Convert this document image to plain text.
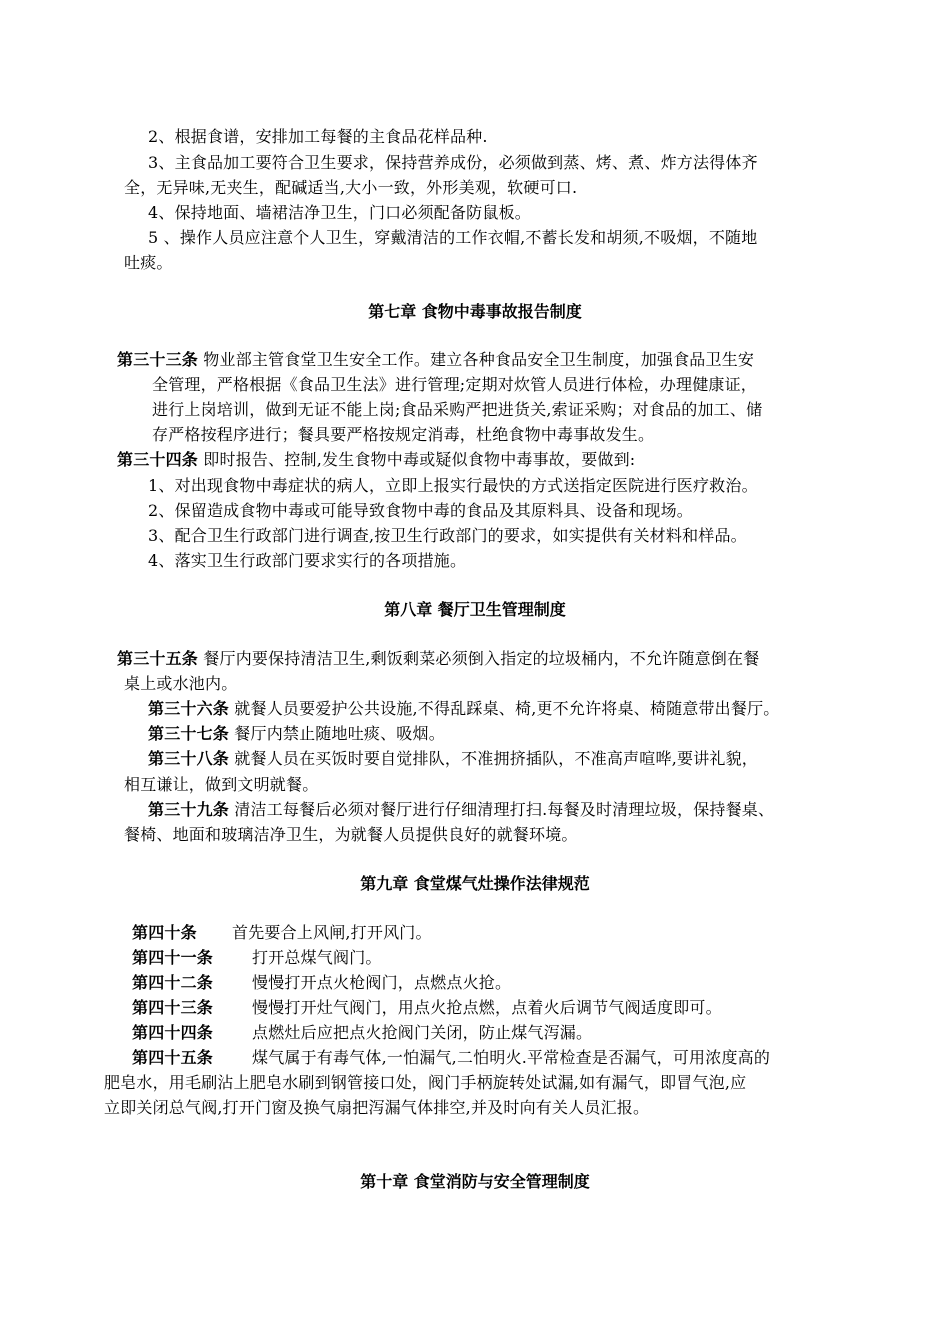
2、根据食谱，安排加工每餐的主食品花样品种.
3、主食品加工要符合卫生要求，保持营养成份，必须做到蒸、烤、煮、炸方法得体齐
全，无异味,无夹生，配碱适当,大小一致，外形美观，软硬可口.
4、保持地面、墙裙洁净卫生，门口必须配备防鼠板。
5 、操作人员应注意个人卫生，穿戴清洁的工作衣帽,不蓄长发和胡须,不吸烟，不随地
吐痰。
第七章 食物中毒事故报告制度
第三十三条 物业部主管食堂卫生安全工作。建立各种食品安全卫生制度，加强食品卫生安
全管理，严格根据《食品卫生法》进行管理;定期对炊管人员进行体检，办理健康证，
进行上岗培训，做到无证不能上岗;食品采购严把进货关,索证采购；对食品的加工、储
存严格按程序进行；餐具要严格按规定消毒，杜绝食物中毒事故发生。
第三十四条 即时报告、控制,发生食物中毒或疑似食物中毒事故，要做到:
1、对出现食物中毒症状的病人，立即上报实行最快的方式送指定医院进行医疗救治。
2、保留造成食物中毒或可能导致食物中毒的食品及其原料具、设备和现场。
3、配合卫生行政部门进行调查,按卫生行政部门的要求，如实提供有关材料和样品。
4、落实卫生行政部门要求实行的各项措施。
第八章 餐厅卫生管理制度
第三十五条 餐厅内要保持清洁卫生,剩饭剩菜必须倒入指定的垃圾桶内，不允许随意倒在餐
桌上或水池内。
第三十六条 就餐人员要爱护公共设施,不得乱踩桌、椅,更不允许将桌、椅随意带出餐厅。
第三十七条 餐厅内禁止随地吐痰、吸烟。
第三十八条 就餐人员在买饭时要自觉排队，不准拥挤插队，不准高声喧哗,要讲礼貌，
相互谦让，做到文明就餐。
第三十九条 清洁工每餐后必须对餐厅进行仔细清理打扫.每餐及时清理垃圾，保持餐桌、
餐椅、地面和玻璃洁净卫生，为就餐人员提供良好的就餐环境。
第九章 食堂煤气灶操作法律规范
第四十条 首先要合上风闸,打开风门。
第四十一条 打开总煤气阀门。
第四十二条 慢慢打开点火枪阀门，点燃点火抢。
第四十三条 慢慢打开灶气阀门，用点火抢点燃，点着火后调节气阀适度即可。
第四十四条 点燃灶后应把点火抢阀门关闭，防止煤气泻漏。
第四十五条 煤气属于有毒气体,一怕漏气,二怕明火.平常检查是否漏气，可用浓度高的
肥皂水，用毛刷沾上肥皂水刷到钢管接口处，阀门手柄旋转处试漏,如有漏气，即冒气泡,应
立即关闭总气阀,打开门窗及换气扇把泻漏气体排空,并及时向有关人员汇报。
第十章 食堂消防与安全管理制度
